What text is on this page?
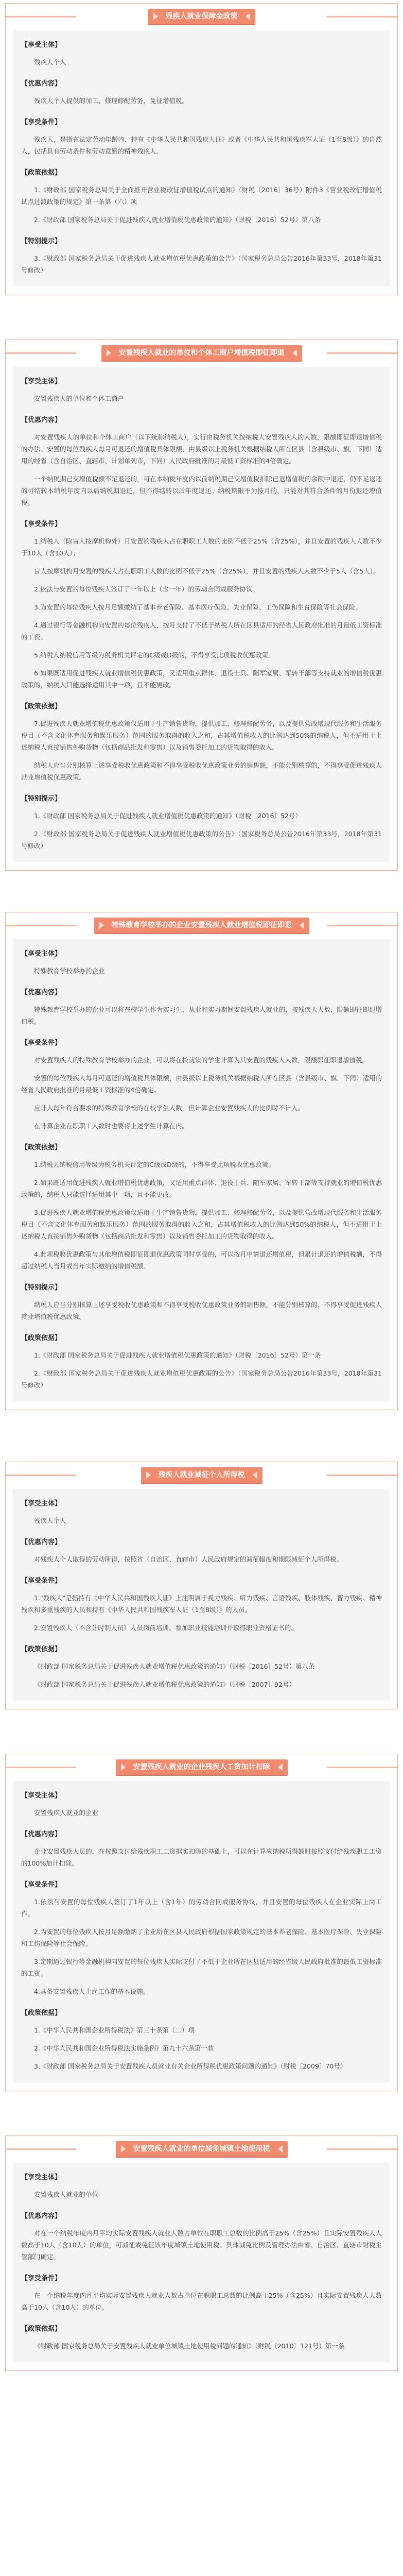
残疾人就业保障金政策
【享受主体】

残疾人个人

【优惠内容】

残疾人个人提供的加工、修理修配劳务，免征增值税。

【享受条件】

残疾人，是指在法定劳动年龄内，持有《中华人民共和国残疾人证》或者《中华人民共和国残疾军人证（1至8级）》的自然人，包括具有劳动条件和劳动意愿的精神残疾人。

【政策依据】

1.《财政部 国家税务总局关于全面推开营业税改征增值税试点的通知》（财税〔2016〕36号）附件3《营业税改征增值税试点过渡政策的规定》第一条第（六）项

2.《财政部 国家税务总局关于促进残疾人就业增值税优惠政策的通知》（财税〔2016〕52号）第八条

【特别提示】

3.《财政部 国家税务总局关于促进残疾人就业增值税优惠政策的公告》（国家税务总局公告2016年第33号，2018年第31号修改）

安置残疾人就业的单位和个体工商户增值税即征即退
【享受主体】

安置残疾人的单位和个体工商户

【优惠内容】

对安置残疾人的单位和个体工商户（以下统称纳税人），实行由税务机关按纳税人安置残疾人的人数，限额即征即退增值税的办法。安置的每位残疾人每月可退还的增值税具体限额，由县级以上税务机关根据纳税人所在区县（含县级市、旗，下同）适用的经省（含自治区、直辖市、计划单列市，下同）人民政府批准的月最低工资标准的4倍确定。

一个纳税期已交增值税额不足退还的，可在本纳税年度内以前纳税期已交增值税扣除已退增值税的余额中退还，仍不足退还的可结转本纳税年度内以后纳税期退还，但不得结转以后年度退还。纳税期限不为按月的，只能对其符合条件的月份退还增值税。

【享受条件】

1.纳税人（除盲人按摩机构外）月安置的残疾人占在职职工人数的比例不低于25%（含25%），并且安置的残疾人人数不少于10人（含10人）；

盲人按摩机构月安置的残疾人占在职职工人数的比例不低于25%（含25%），并且安置的残疾人人数不少于5人（含5人）。

2.依法与安置的每位残疾人签订了一年以上（含一年）的劳动合同或服务协议。

3.为安置的每位残疾人按月足额缴纳了基本养老保险、基本医疗保险、失业保险、工伤保险和生育保险等社会保险。

4.通过银行等金融机构向安置的每位残疾人，按月支付了不低于纳税人所在区县适用的经省人民政府批准的月最低工资标准的工资。

5.纳税人纳税信用等级为税务机关评定的C级或D级的，不得享受此项税收优惠政策。

6.如果既适用促进残疾人就业增值税优惠政策，又适用重点群体、退役士兵、随军家属、军转干部等支持就业的增值税优惠政策的，纳税人只能选择适用其中一项，且不能更改。

【政策依据】

7.促进残疾人就业增值税优惠政策仅适用于生产销售货物，提供加工、修理修配劳务，以及提供营改增现代服务和生活服务税目（不含文化体育服务和娱乐服务）范围的服务取得的收入之和，占其增值税收入的比例达到50%的纳税人，但不适用于上述纳税人直接销售外购货物（包括商品批发和零售）以及销售委托加工的货物取得的收入。

纳税人应当分别核算上述享受税收优惠政策和不得享受税收优惠政策业务的销售额，不能分别核算的，不得享受促进残疾人就业增值税优惠政策。

【特别提示】

1.《财政部 国家税务总局关于促进残疾人就业增值税优惠政策的通知》（财税〔2016〕52号）

2.《财政部 国家税务总局关于促进残疾人就业增值税优惠政策的公告》（国家税务总局公告2016年第33号，2018年第31号修改）

特殊教育学校举办的企业安置残疾人就业增值税即征即退
【享受主体】

特殊教育学校举办的企业

【优惠内容】

特殊教育学校举办的企业可以将在校学生作为实习生，从业和实习期间安置残疾人就业的，按残疾人人数，限额即征即退增值税。

【享受条件】

对安置残疾人的特殊教育学校举办的企业，可以将在校就读的学生计算为其安置的残疾人人数，限额即征即退增值税。

安置的每位残疾人每月可退还的增值税具体限额，由县级以上税务机关根据纳税人所在区县（含县级市、旗，下同）适用的经省人民政府批准的月最低工资标准的4倍确定。

应计入每年符合要求的特殊教育学校的在校学生人数，但计算企业安置残疾人的比例时不计入。

在计算企业在职职工人数时也要将上述学生计算在内。

【政策依据】

1.纳税人纳税信用等级为税务机关评定的C级或D级的，不得享受此项税收优惠政策。

2.如果既适用促进残疾人就业增值税优惠政策，又适用重点群体、退役士兵、随军家属、军转干部等支持就业的增值税优惠政策的，纳税人只能选择适用其中一项，且不能更改。

3.促进残疾人就业增值税优惠政策仅适用于生产销售货物，提供加工、修理修配劳务，以及提供营改增现代服务和生活服务税目（不含文化体育服务和娱乐服务）范围的服务取得的收入之和，占其增值税收入的比例达到50%的纳税人，但不适用于上述纳税人直接销售外购货物（包括商品批发和零售）以及销售委托加工的货物取得的收入。

4.此项税收优惠政策与其他增值税即征即退优惠政策同时享受的，可以按月申请退还增值税，但累计退还的增值税额，不得超过纳税人当月或当年实际缴纳的增值税额。

【特别提示】

纳税人应当分别核算上述享受税收优惠政策和不得享受税收优惠政策业务的销售额，不能分别核算的，不得享受促进残疾人就业增值税优惠政策。

【政策依据】

1.《财政部 国家税务总局关于促进残疾人就业增值税优惠政策的通知》（财税〔2016〕52号）第一条

2.《财政部 国家税务总局关于促进残疾人就业增值税优惠政策的公告》（国家税务总局公告2016年第33号，2018年第31号修改）

残疾人就业减征个人所得税
【享受主体】

残疾人个人

【优惠内容】

对残疾人个人取得的劳动所得，按照省（自治区、直辖市）人民政府规定的减征幅度和期限减征个人所得税。

【享受条件】

1."残疾人"是指持有《中华人民共和国残疾人证》上注明属于视力残疾、听力残疾、言语残疾、肢体残疾、智力残疾、精神残疾和多重残疾的人员和持有《中华人民共和国残疾军人证（1至8级）》的人员。

2.安置残疾人（不含计时制人员）人员岗前培训、参加职业技能培训并取得职业资格证书的。

【政策依据】

《财政部 国家税务总局关于促进残疾人就业增值税优惠政策的通知》（财税〔2016〕52号）第八条

《财政部 国家税务总局关于促进残疾人就业增值税优惠政策的通知》（财税〔2007〕92号）

安置残疾人就业的企业残疾人工资加计扣除
【享受主体】

安置残疾人就业的企业

【优惠内容】

企业安置残疾人员的，在按照支付给残疾职工工资据实扣除的基础上，可以在计算应纳税所得额时按照支付给残疾职工工资的100%加计扣除。

【享受条件】

1.依法与安置的每位残疾人签订了1年以上（含1年）的劳动合同或服务协议，并且安置的每位残疾人在企业实际上岗工作。

2.为安置的每位残疾人按月足额缴纳了企业所在区县人民政府根据国家政策规定的基本养老保险、基本医疗保险、失业保险和工伤保险等社会保险。

3.定期通过银行等金融机构向安置的每位残疾人实际支付了不低于企业所在区县适用的经省级人民政府批准的最低工资标准的工资。

4.具备安置残疾人上岗工作的基本设施。

【政策依据】

1.《中华人民共和国企业所得税法》第三十条第（二）项

2.《中华人民共和国企业所得税法实施条例》第九十六条第一款

3.《财政部 国家税务总局关于安置残疾人员就业有关企业所得税优惠政策问题的通知》（财税〔2009〕70号）

安置残疾人就业的单位减免城镇土地使用税
【享受主体】

安置残疾人就业的单位

【优惠内容】

对在一个纳税年度内月平均实际安置残疾人就业人数占单位在职职工总数的比例高于25%（含25%）且实际安置残疾人人数高于10人（含10人）的单位，可减征或免征该年度城镇土地使用税。具体减免比例及管理办法由省、自治区、直辖市财税主管部门确定。

【享受条件】

在一个纳税年度内月平均实际安置残疾人就业人数占单位在职职工总数的比例高于25%（含25%）且实际安置残疾人人数高于10人（含10人）的单位。

【政策依据】

《财政部 国家税务总局关于安置残疾人就业单位城镇土地使用税问题的通知》（财税〔2010〕121号）第一条
